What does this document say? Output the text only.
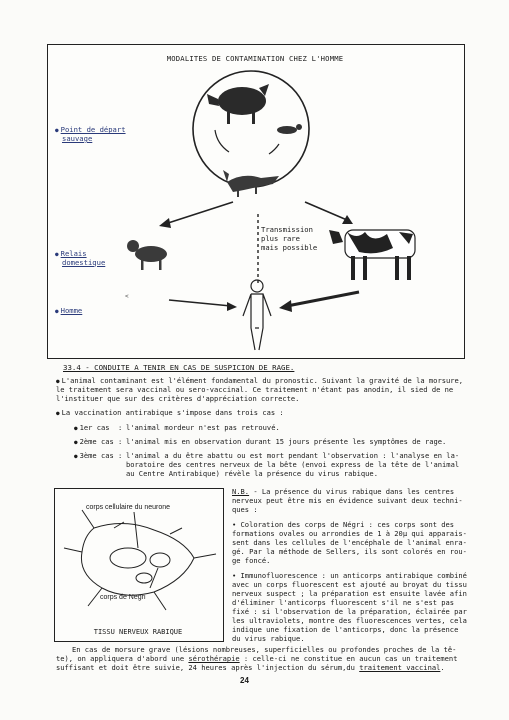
MODALITES DE CONTAMINATION CHEZ L'HOMME
<
● Point de départ
sauvage
● Relais
domestique
● Homme
Transmission
plus rare
mais possible
33.4 - CONDUITE A TENIR EN CAS DE SUSPICION DE RAGE.
● L'animal contaminant est l'élément fondamental du pronostic. Suivant la gravité de la morsure,
le traitement sera vaccinal ou sero-vaccinal. Ce traitement n'étant pas anodin, il sied de ne
l'instituer que sur des critères d'appréciation correcte.
● La vaccination antirabique s'impose dans trois cas :
● 1er cas : l'animal mordeur n'est pas retrouvé.
● 2ème cas : l'animal mis en observation durant 15 jours présente les symptômes de rage.
● 3ème cas : l'animal a du être abattu ou est mort pendant l'observation : l'analyse en la-
boratoire des centres nerveux de la bête (envoi express de la tête de l'animal
au Centre Antirabique) révèle la présence du virus rabique.
corps cellulaire du neurone
corps de Negri
TISSU NERVEUX RABIQUE
N.B. - La présence du virus rabique dans les centres
nerveux peut être mis en évidence suivant deux techni-
ques :
• Coloration des corps de Négri : ces corps sont des
formations ovales ou arrondies de 1 à 20µ qui apparais-
sent dans les cellules de l'encéphale de l'animal enra-
gé. Par la méthode de Sellers, ils sont colorés en rou-
ge foncé.
• Immunofluorescence : un anticorps antirabique combiné
avec un corps fluorescent est ajouté au broyat du tissu
nerveux suspect ; la préparation est ensuite lavée afin
d'éliminer l'anticorps fluorescent s'il ne s'est pas
fixé : si l'observation de la préparation, éclairée par
les ultraviolets, montre des fluorescences vertes, cela
indique une fixation de l'anticorps, donc la présence
du virus rabique.
En cas de morsure grave (lésions nombreuses, superficielles ou profondes proches de la tê-
te), on appliquera d'abord une sérothérapie : celle-ci ne constitue en aucun cas un traitement
suffisant et doit être suivie, 24 heures après l'injection du sérum,du traitement vaccinal.
24
